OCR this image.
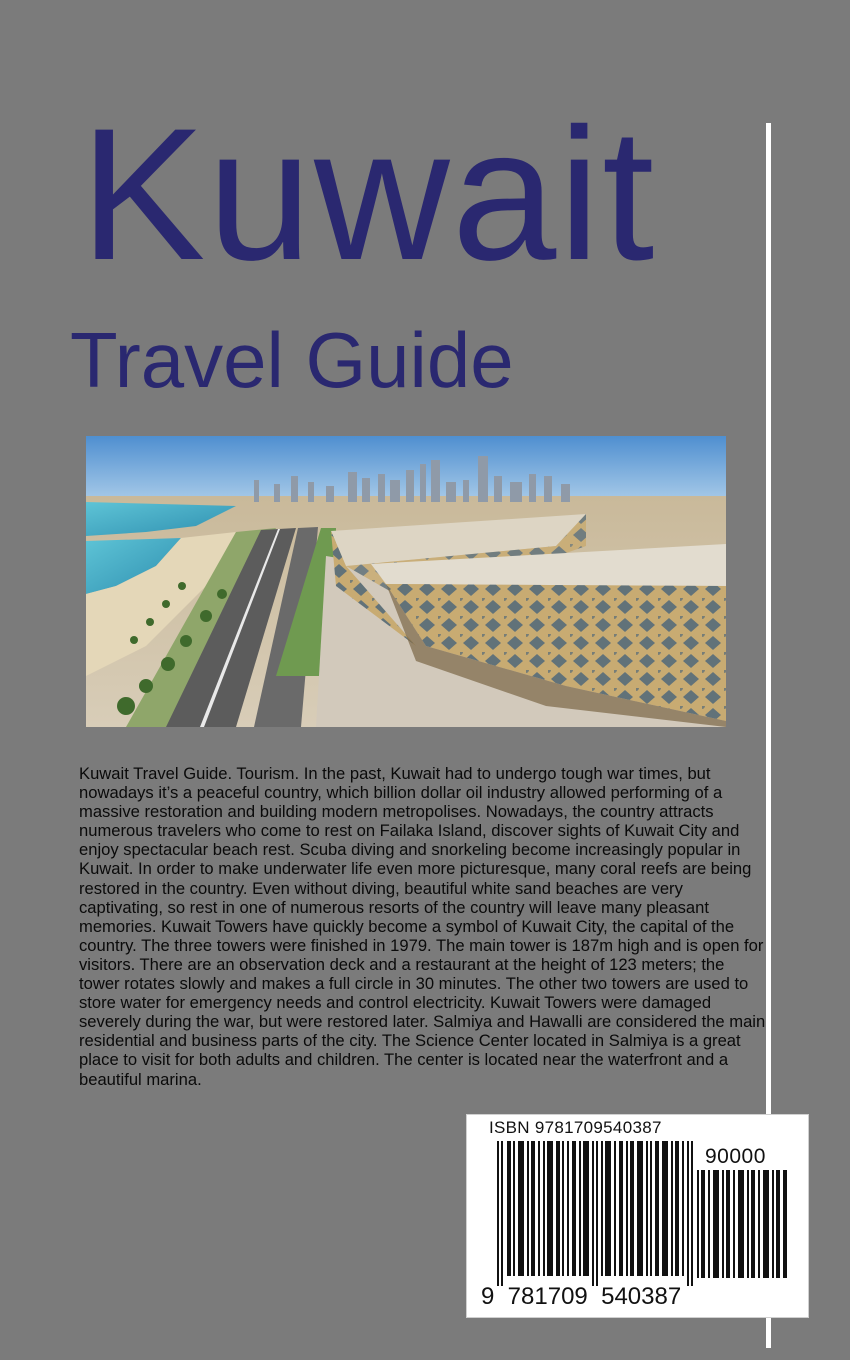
Kuwait
Travel Guide

Kuwait Travel Guide. Tourism. In the past, Kuwait had to undergo tough war times, but nowadays it’s a peaceful country, which billion dollar oil industry allowed performing of a massive restoration and building modern metropolises. Nowadays, the country attracts numerous travelers who come to rest on Failaka Island, discover sights of Kuwait City and enjoy spectacular beach rest. Scuba diving and snorkeling become increasingly popular in Kuwait. In order to make underwater life even more picturesque, many coral reefs are being restored in the country. Even without diving, beautiful white sand beaches are very captivating, so rest in one of numerous resorts of the country will leave many pleasant memories. Kuwait Towers have quickly become a symbol of Kuwait City, the capital of the country. The three towers were finished in 1979. The main tower is 187m high and is open for visitors. There are an observation deck and a restaurant at the height of 123 meters; the tower rotates slowly and makes a full circle in 30 minutes. The other two towers are used to store water for emergency needs and control electricity. Kuwait Towers were damaged severely during the war, but were restored later. Salmiya and Hawalli are considered the main residential and business parts of the city. The Science Center located in Salmiya is a great place to visit for both adults and children. The center is located near the waterfront and a beautiful marina.

ISBN 9781709540387
90000
9  781709  540387
